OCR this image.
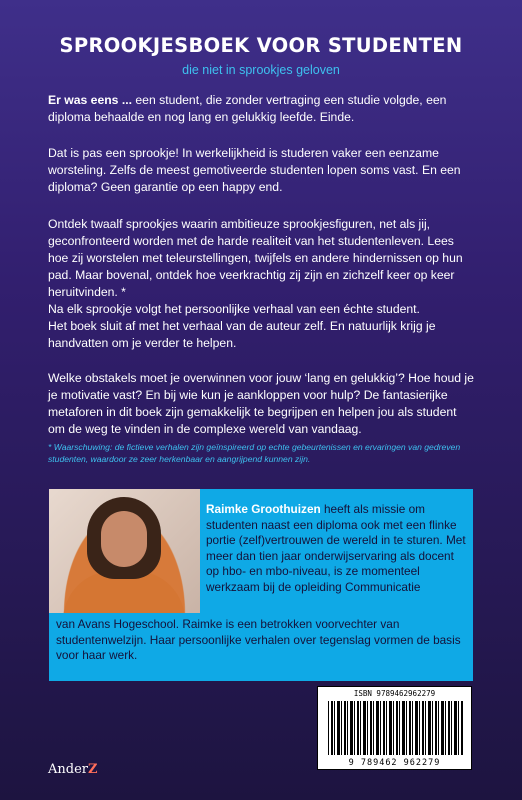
SPROOKJESBOEK VOOR STUDENTEN
die niet in sprookjes geloven

Er was eens ... een student, die zonder vertraging een studie volgde, een diploma behaalde en nog lang en gelukkig leefde. Einde.

Dat is pas een sprookje! In werkelijkheid is studeren vaker een eenzame worsteling. Zelfs de meest gemotiveerde studenten lopen soms vast. En een diploma? Geen garantie op een happy end.

Ontdek twaalf sprookjes waarin ambitieuze sprookjesfiguren, net als jij, geconfronteerd worden met de harde realiteit van het studentenleven. Lees hoe zij worstelen met teleurstellingen, twijfels en andere hindernissen op hun pad. Maar bovenal, ontdek hoe veerkrachtig zij zijn en zichzelf keer op keer heruitvinden. *

Na elk sprookje volgt het persoonlijke verhaal van een échte student.

Het boek sluit af met het verhaal van de auteur zelf. En natuurlijk krijg je handvatten om je verder te helpen.

Welke obstakels moet je overwinnen voor jouw ‘lang en gelukkig’? Hoe houd je je motivatie vast? En bij wie kun je aankloppen voor hulp? De fantasierijke metaforen in dit boek zijn gemakkelijk te begrijpen en helpen jou als student om de weg te vinden in de complexe wereld van vandaag.

* Waarschuwing: de fictieve verhalen zijn geïnspireerd op echte gebeurtenissen en ervaringen van gedreven studenten, waardoor ze zeer herkenbaar en aangrijpend kunnen zijn.
Raimke Groothuizen heeft als missie om studenten naast een diploma ook met een flinke portie (zelf)vertrouwen de wereld in te sturen. Met meer dan tien jaar onderwijservaring als docent op hbo- en mbo-niveau, is ze momenteel werkzaam bij de opleiding Communicatie
van Avans Hogeschool. Raimke is een betrokken voorvechter van studentenwelzijn. Haar persoonlijke verhalen over tegenslag vormen de basis voor haar werk.
ISBN 9789462962279
9 789462 962279
AnderZ
